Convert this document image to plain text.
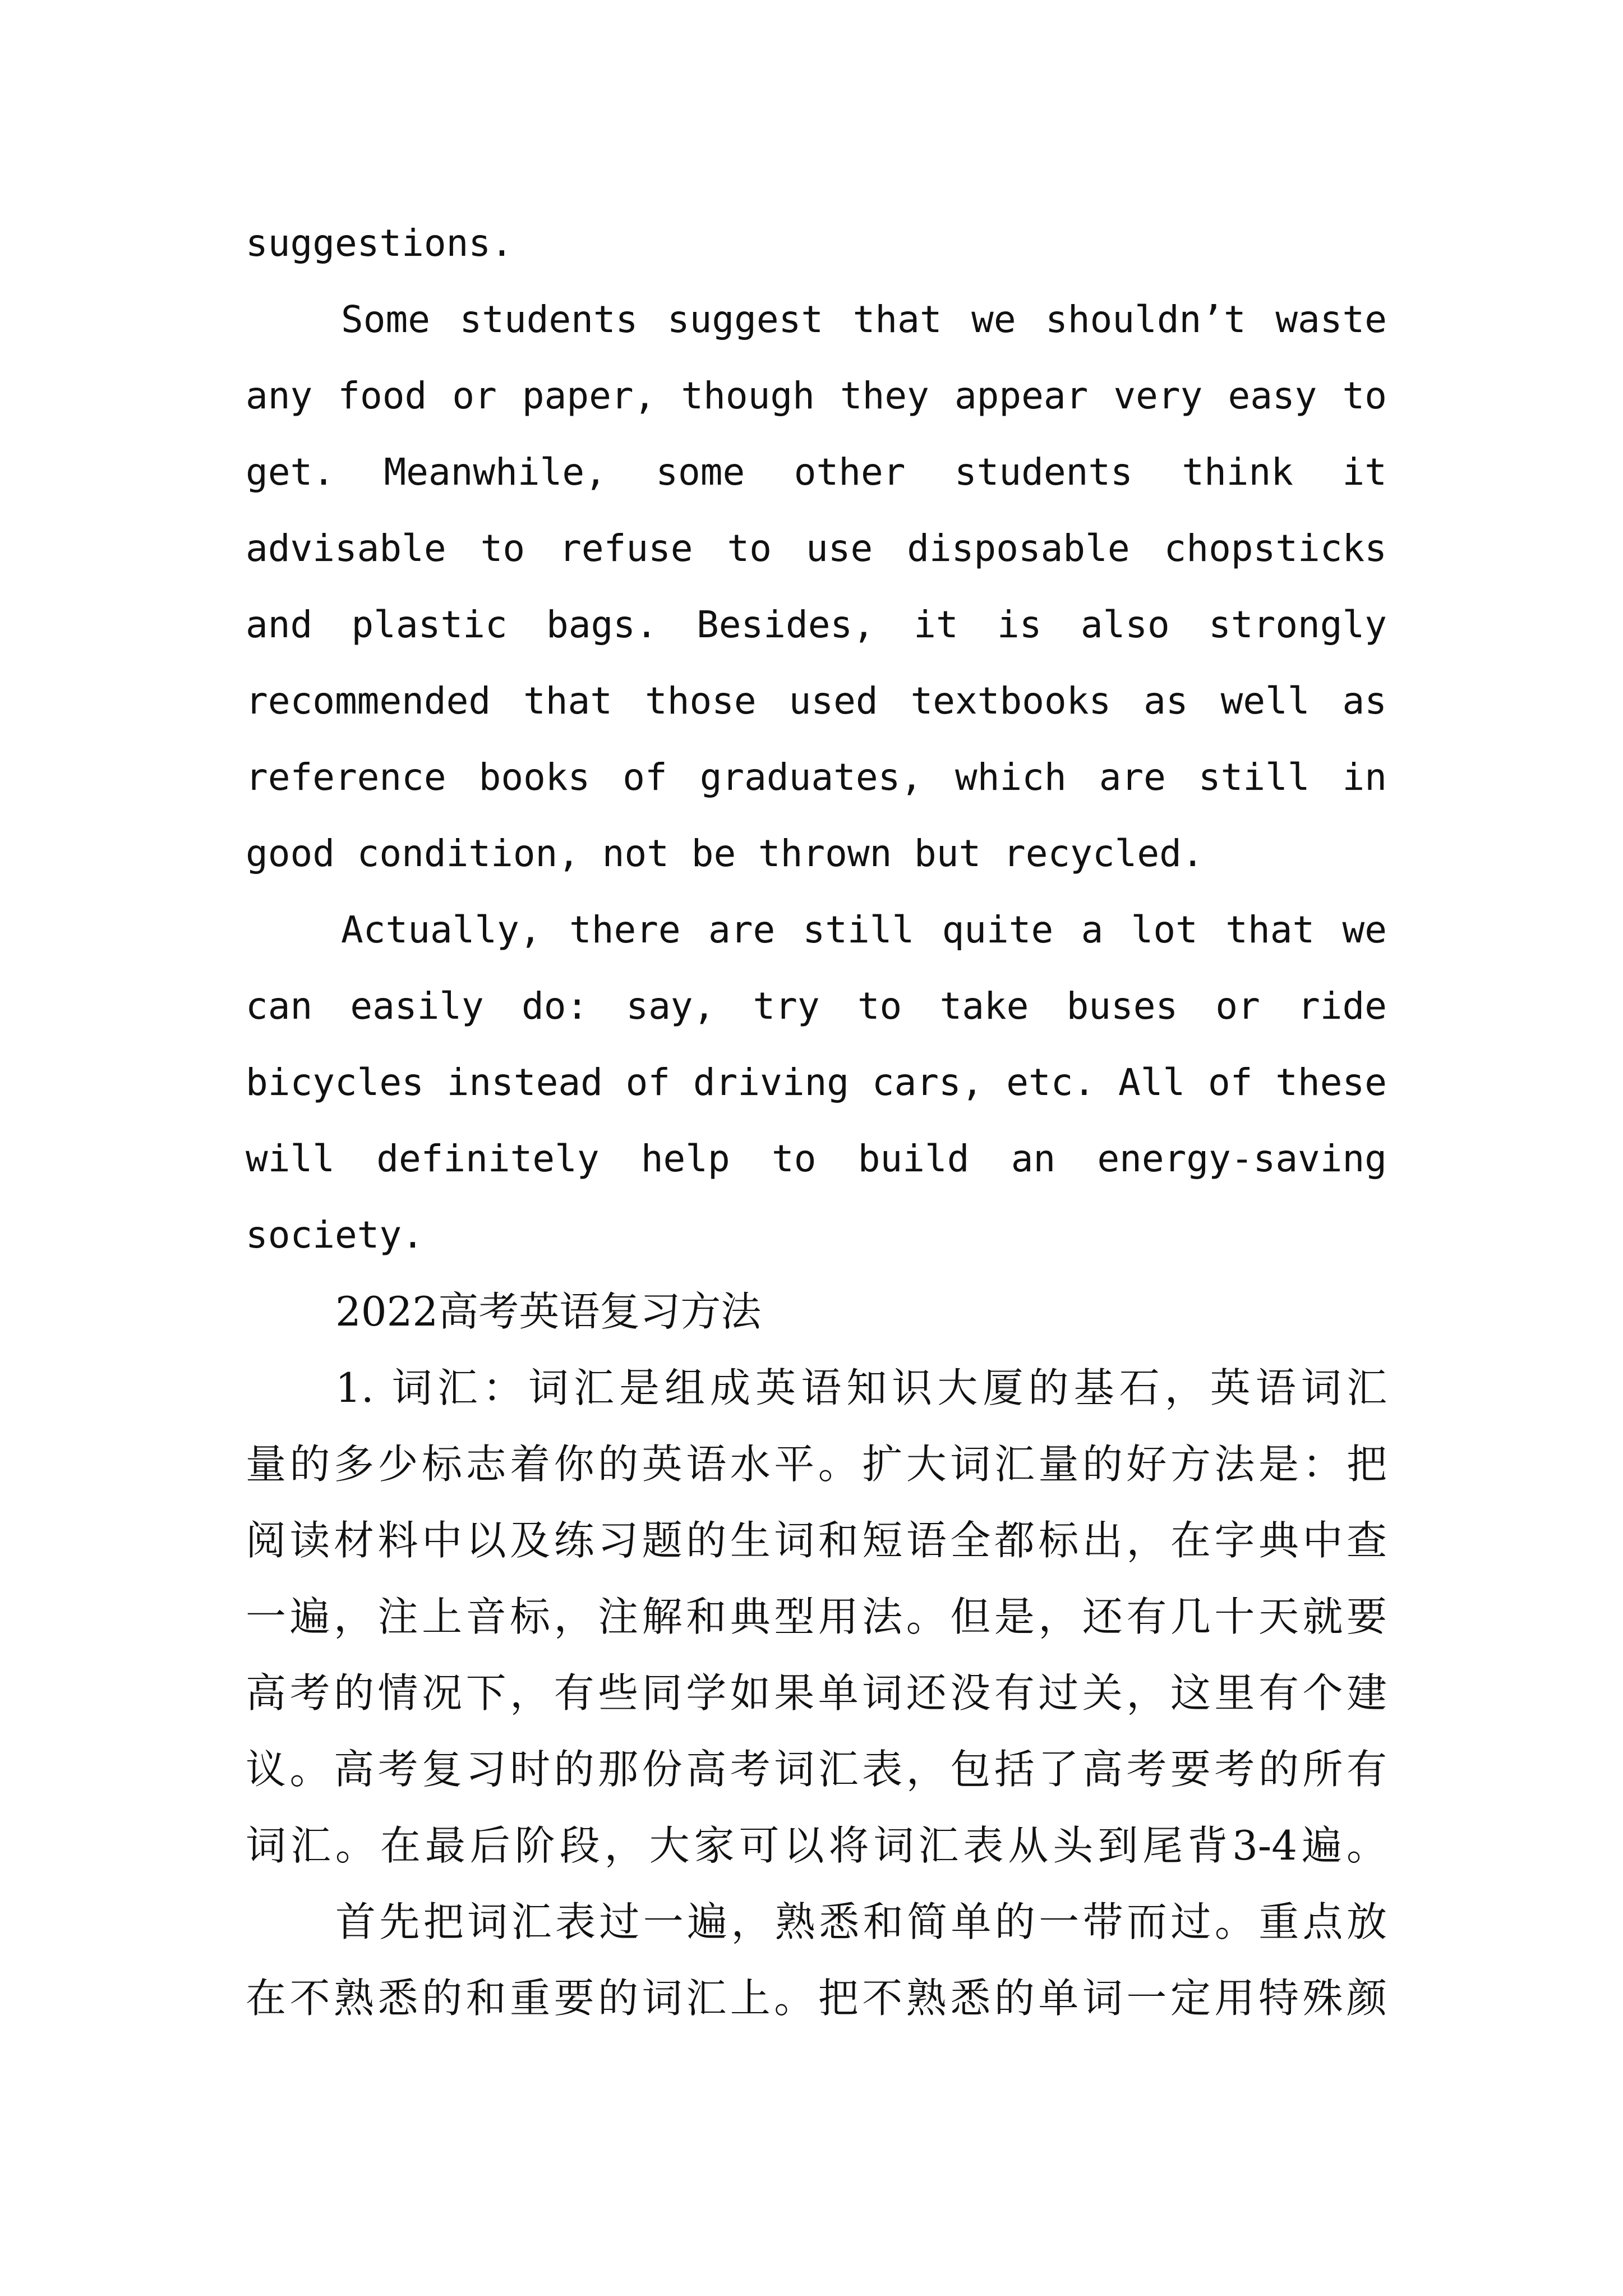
suggestions.
Some students suggest that we shouldn’t waste
any food or paper, though they appear very easy to
get. Meanwhile, some other students think it
advisable to refuse to use disposable chopsticks
and plastic bags. Besides, it is also strongly
recommended that those used textbooks as well as
reference books of graduates, which are still in
good condition, not be thrown but recycled.
Actually, there are still quite a lot that we
can easily do: say, try to take buses or ride
bicycles instead of driving cars, etc. All of these
will definitely help to build an energy-saving
society.
2022高考英语复习方法
1. 词汇：词汇是组成英语知识大厦的基石，英语词汇
量的多少标志着你的英语水平。扩大词汇量的好方法是：把
阅读材料中以及练习题的生词和短语全都标出，在字典中查
一遍，注上音标，注解和典型用法。但是，还有几十天就要
高考的情况下，有些同学如果单词还没有过关，这里有个建
议。高考复习时的那份高考词汇表，包括了高考要考的所有
词汇。在最后阶段，大家可以将词汇表从头到尾背3-4遍。
首先把词汇表过一遍，熟悉和简单的一带而过。重点放
在不熟悉的和重要的词汇上。把不熟悉的单词一定用特殊颜
